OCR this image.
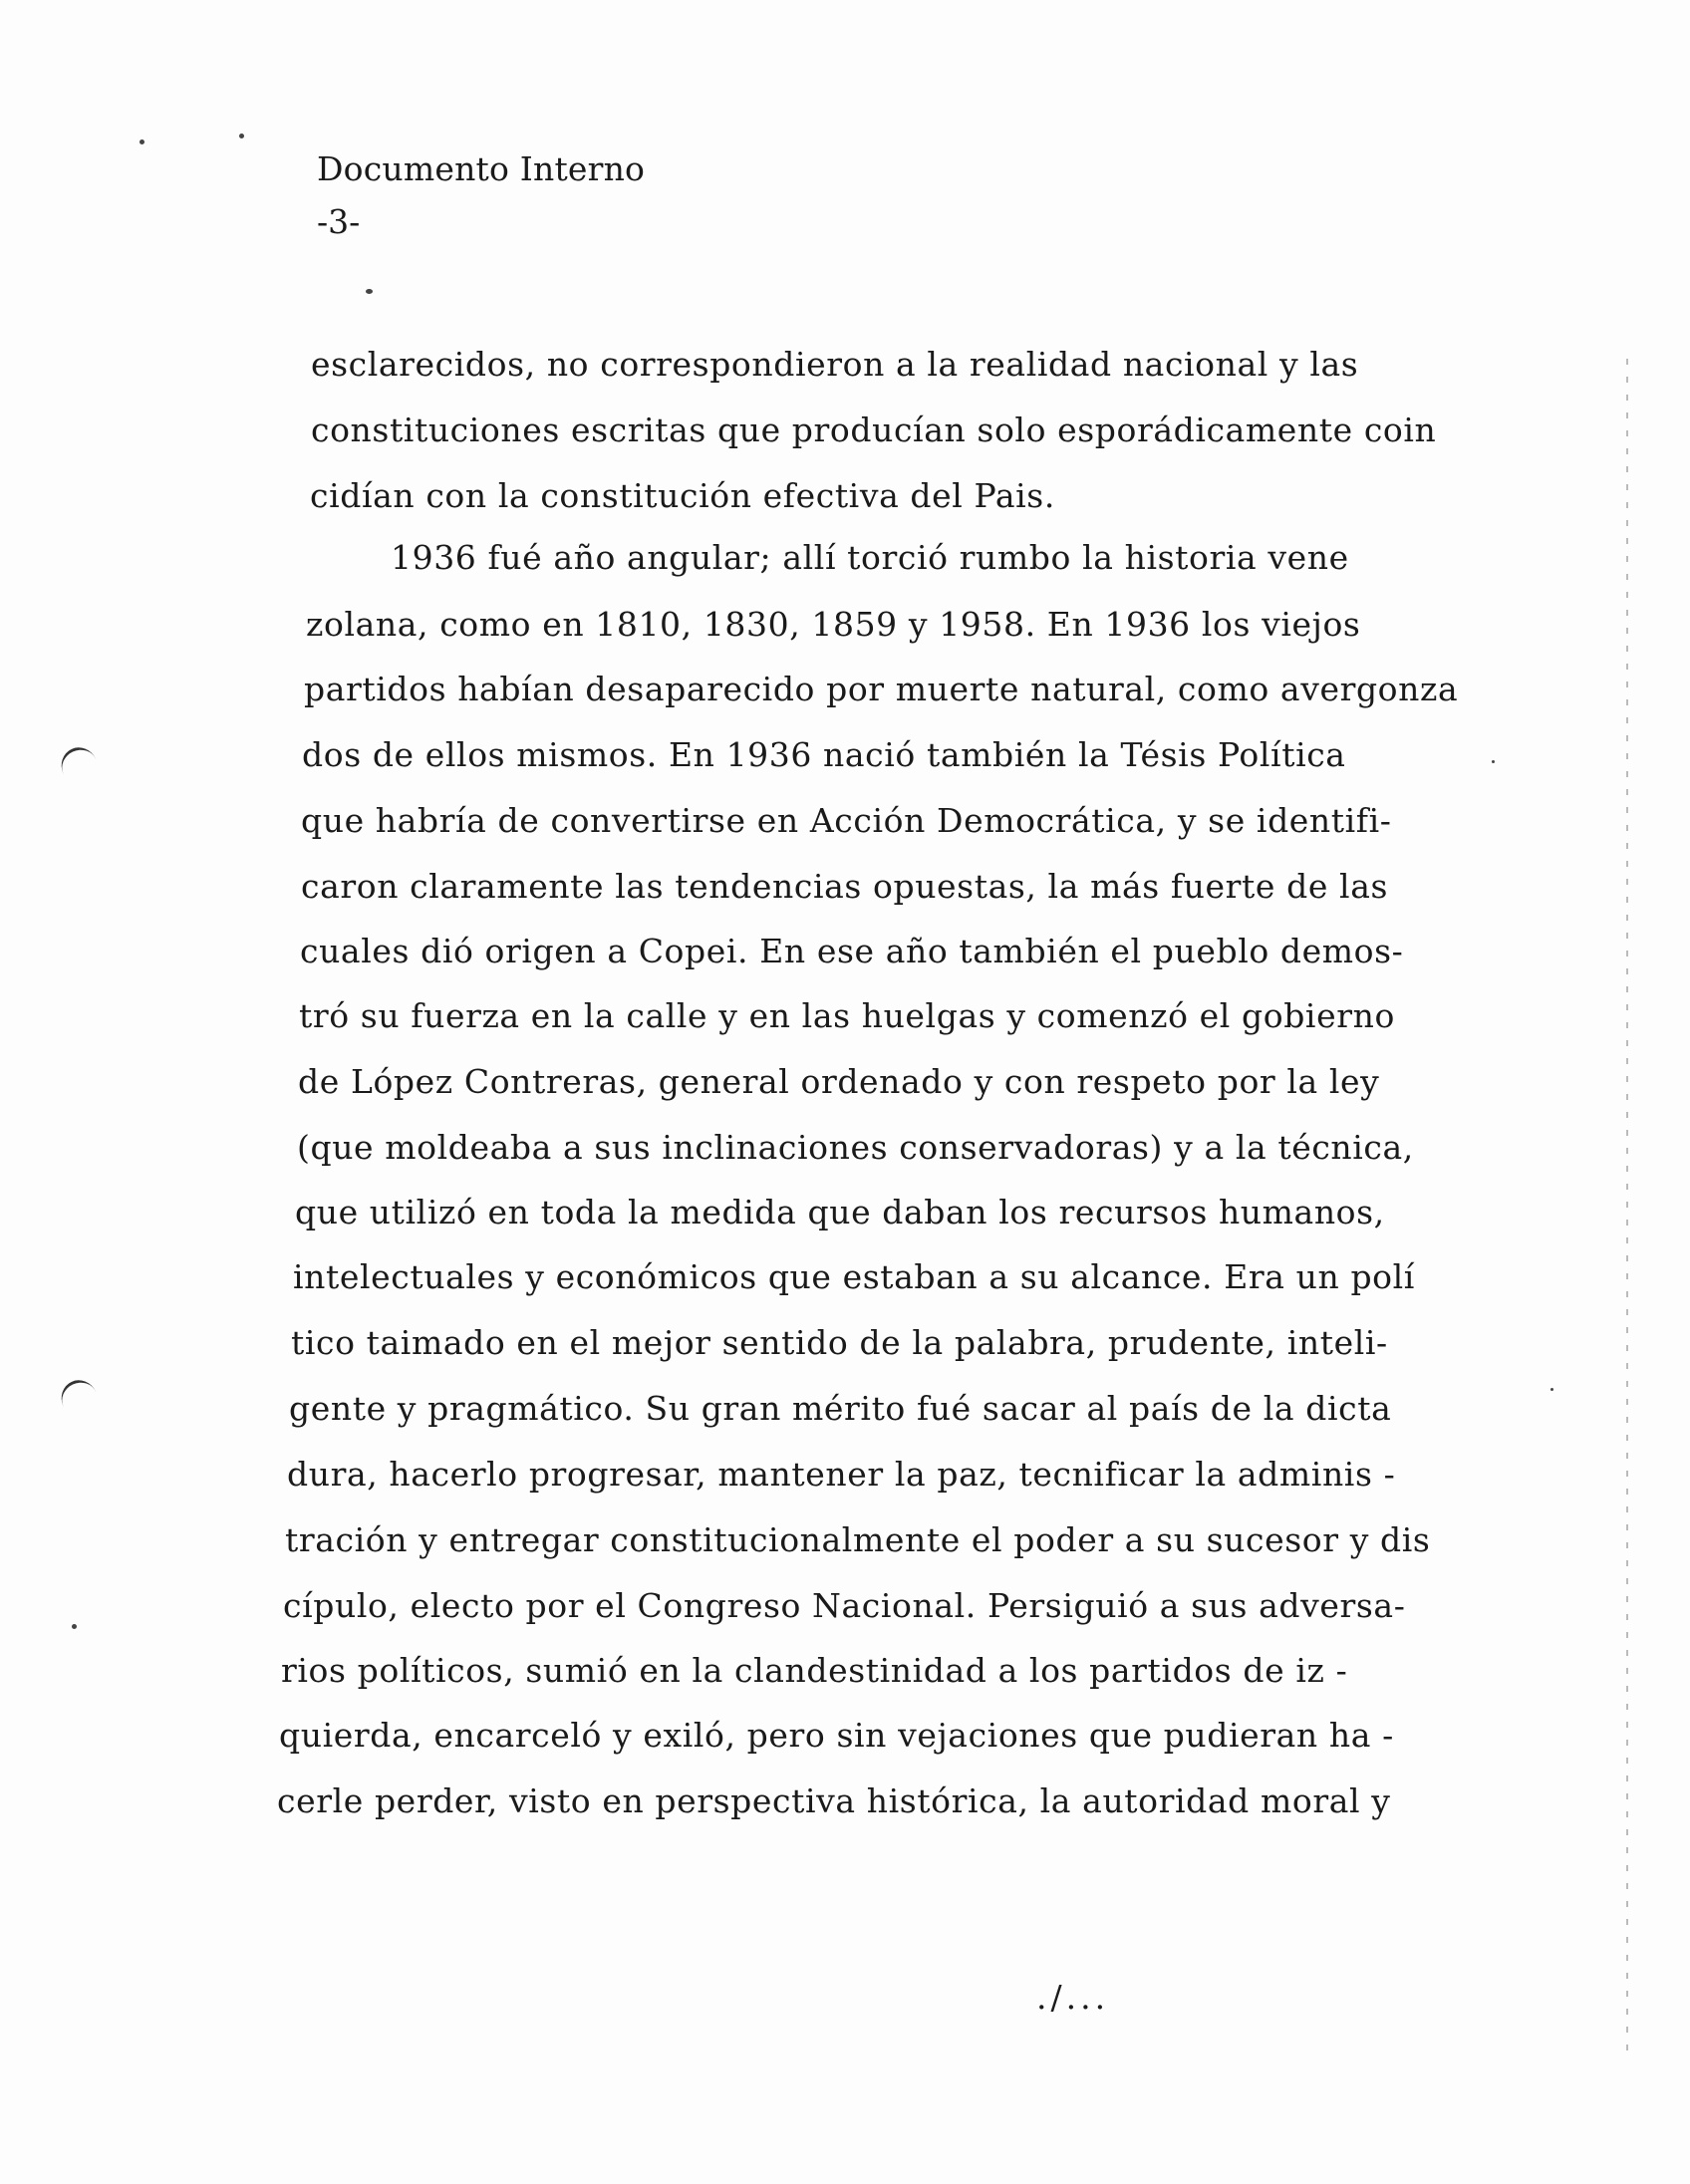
Documento Interno
-3-
esclarecidos, no correspondieron a la realidad nacional y las
constituciones escritas que producían solo esporádicamente coin
cidían con la constitución efectiva del Pais.
1936 fué año angular; allí torció rumbo la historia vene
zolana, como en 1810, 1830, 1859 y 1958. En 1936 los viejos
partidos habían desaparecido por muerte natural, como avergonza
dos de ellos mismos. En 1936 nació también la Tésis Política
que habría de convertirse en Acción Democrática, y se identifi-
caron claramente las tendencias opuestas, la más fuerte de las
cuales dió origen a Copei. En ese año también el pueblo demos-
tró su fuerza en la calle y en las huelgas y comenzó el gobierno
de López Contreras, general ordenado y con respeto por la ley
(que moldeaba a sus inclinaciones conservadoras) y a la técnica,
que utilizó en toda la medida que daban los recursos humanos,
intelectuales y económicos que estaban a su alcance. Era un polí
tico taimado en el mejor sentido de la palabra, prudente, inteli-
gente y pragmático. Su gran mérito fué sacar al país de la dicta
dura, hacerlo progresar, mantener la paz, tecnificar la adminis -
tración y entregar constitucionalmente el poder a su sucesor y dis
cípulo, electo por el Congreso Nacional. Persiguió a sus adversa-
rios políticos, sumió en la clandestinidad a los partidos de iz -
quierda, encarceló y exiló, pero sin vejaciones que pudieran ha -
cerle perder, visto en perspectiva histórica, la autoridad moral y
./...
